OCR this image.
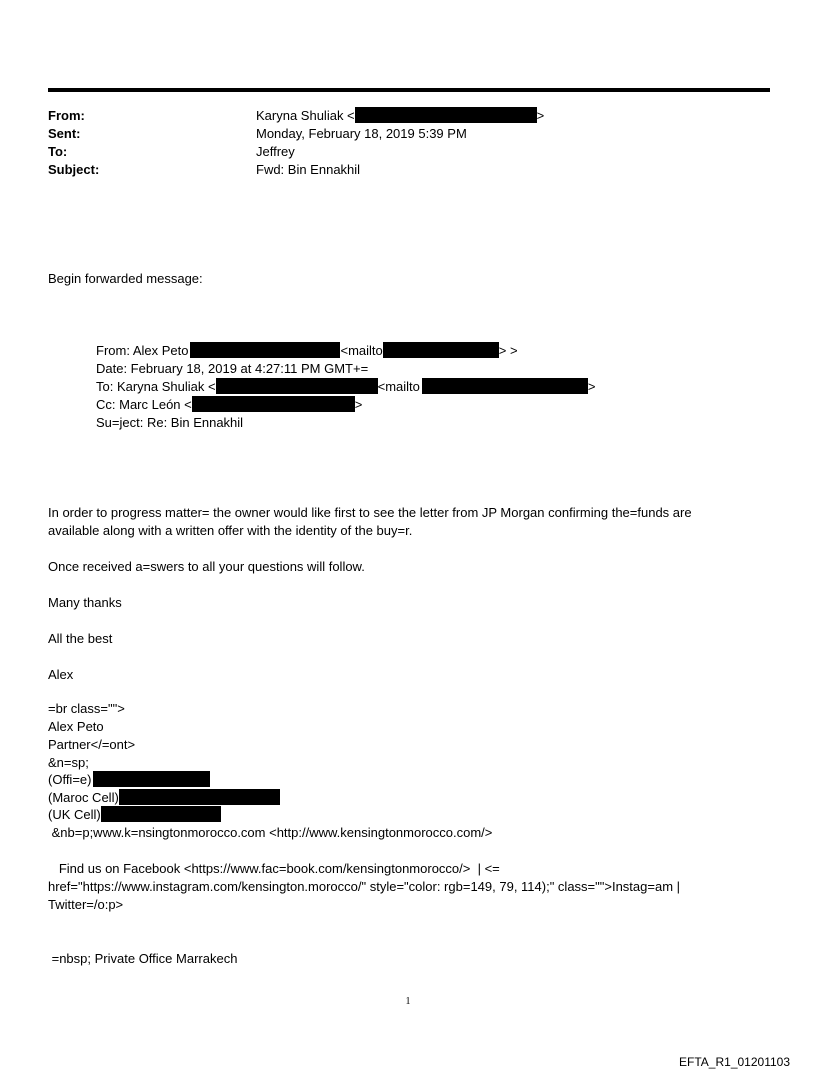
From:	Karyna Shuliak <	>
Sent:	Monday, February 18, 2019 5:39 PM
To:	Jeffrey
Subject:	Fwd: Bin Ennakhil
Begin forwarded message:
From: Alex Peto	<mailto	> >
Date: February 18, 2019 at 4:27:11 PM GMT+=
To: Karyna Shuliak <	<mailto	>
Cc: Marc León <	>
Su=ject: Re: Bin Ennakhil
In order to progress matter= the owner would like first to see the letter from JP Morgan confirming the=funds are
available along with a written offer with the identity of the buy=r.
Once received a=swers to all your questions will follow.
Many thanks
All the best
Alex
=br class="">
Alex Peto
Partner</=ont>
&n=sp;
(Offi=e)
(Maroc Cell)
(UK Cell)
&nb=p;www.k=nsingtonmorocco.com <http://www.kensingtonmorocco.com/>
Find us on Facebook <https://www.fac=book.com/kensingtonmorocco/>  | <=
href="https://www.instagram.com/kensington.morocco/" style="color: rgb=149, 79, 114);" class="">Instag=am |
Twitter=/o:p>
=nbsp; Private Office Marrakech
1
EFTA_R1_01201103
